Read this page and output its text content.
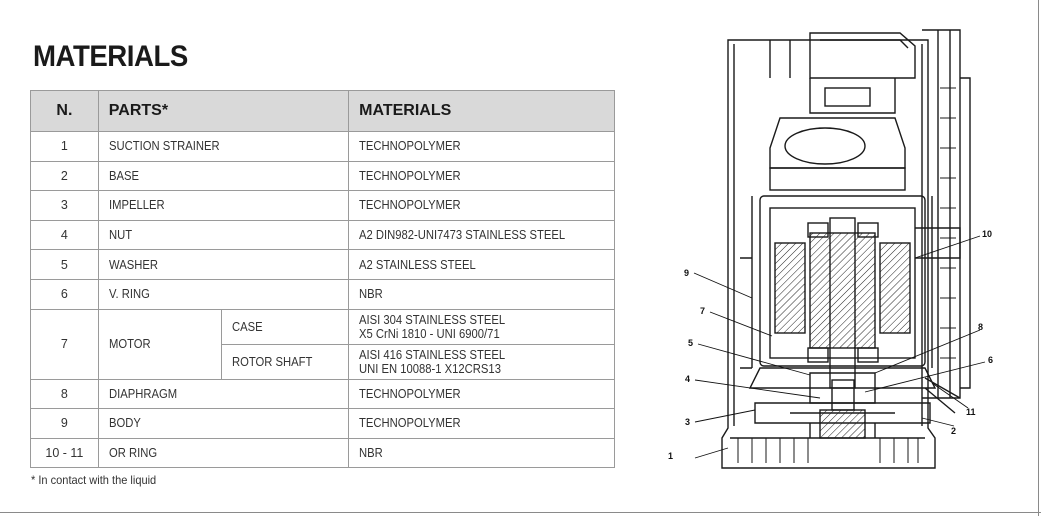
MATERIALS
N.	PARTS*		MATERIALS
1	SUCTION STRAINER		TECHNOPOLYMER
2	BASE		TECHNOPOLYMER
3	IMPELLER		TECHNOPOLYMER
4	NUT		A2 DIN982-UNI7473 STAINLESS STEEL
5	WASHER		A2 STAINLESS STEEL
6	V. RING		NBR
7	MOTOR	CASE	AISI 304 STAINLESS STEEL
X5 CrNi 1810 - UNI 6900/71

		ROTOR SHAFT	AISI 416 STAINLESS STEEL
UNI EN 10088-1 X12CRS13

8	DIAPHRAGM		TECHNOPOLYMER
9	BODY		TECHNOPOLYMER
10 - 11	OR RING		NBR
* In contact with the liquid
1
2
3
4
5
6
7
8
9
10
11
